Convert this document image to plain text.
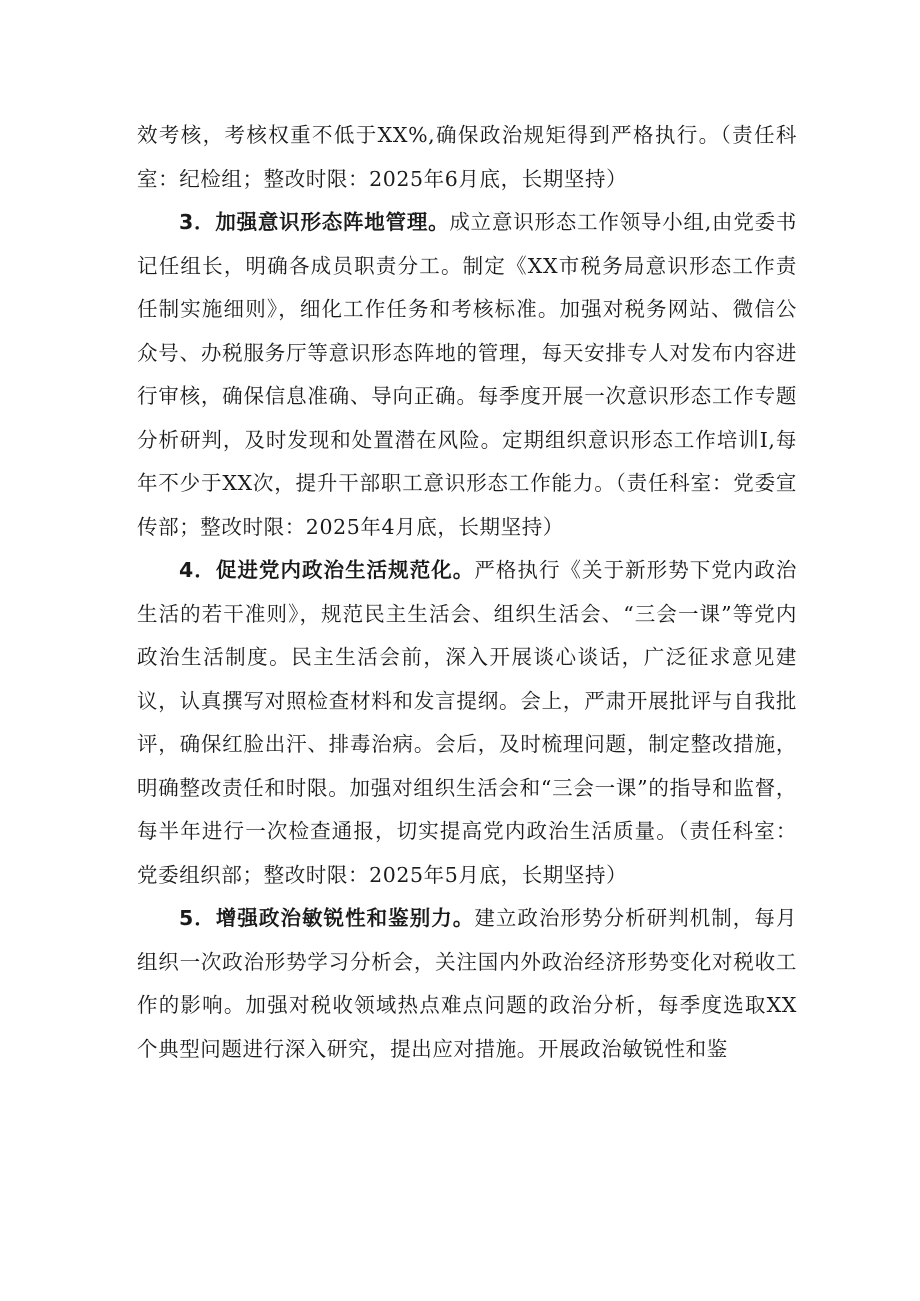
效考核，考核权重不低于XX%,确保政治规矩得到严格执行。（责任科室：纪检组；整改时限：2025年6月底，长期坚持）

3．加强意识形态阵地管理。成立意识形态工作领导小组,由党委书记任组长，明确各成员职责分工。制定《XX市税务局意识形态工作责任制实施细则》，细化工作任务和考核标准。加强对税务网站、微信公众号、办税服务厅等意识形态阵地的管理，每天安排专人对发布内容进行审核，确保信息准确、导向正确。每季度开展一次意识形态工作专题分析研判，及时发现和处置潜在风险。定期组织意识形态工作培训I,每年不少于XX次，提升干部职工意识形态工作能力。（责任科室：党委宣传部；整改时限：2025年4月底，长期坚持）

4．促进党内政治生活规范化。严格执行《关于新形势下党内政治生活的若干准则》，规范民主生活会、组织生活会、“三会一课”等党内政治生活制度。民主生活会前，深入开展谈心谈话，广泛征求意见建议，认真撰写对照检查材料和发言提纲。会上，严肃开展批评与自我批评，确保红脸出汗、排毒治病。会后，及时梳理问题，制定整改措施，明确整改责任和时限。加强对组织生活会和“三会一课”的指导和监督，每半年进行一次检查通报，切实提高党内政治生活质量。（责任科室：党委组织部；整改时限：2025年5月底，长期坚持）

5．增强政治敏锐性和鉴别力。建立政治形势分析研判机制，每月组织一次政治形势学习分析会，关注国内外政治经济形势变化对税收工作的影响。加强对税收领域热点难点问题的政治分析，每季度选取XX个典型问题进行深入研究，提出应对措施。开展政治敏锐性和鉴
